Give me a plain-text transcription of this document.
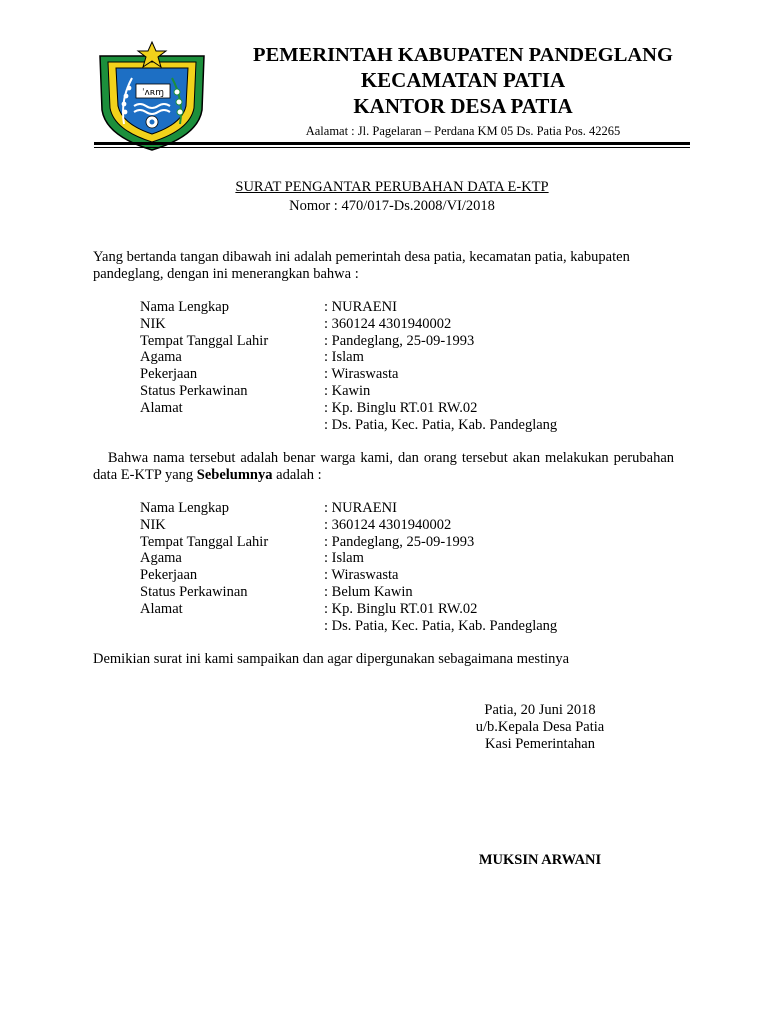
ˈʌʀɱ
PEMERINTAH KABUPATEN PANDEGLANG
KECAMATAN PATIA
KANTOR DESA PATIA
Aalamat : Jl. Pagelaran – Perdana KM 05 Ds. Patia Pos. 42265
SURAT PENGANTAR PERUBAHAN DATA E-KTP
Nomor : 470/017-Ds.2008/VI/2018
Yang bertanda tangan dibawah ini adalah pemerintah desa patia, kecamatan patia, kabupaten pandeglang, dengan ini menerangkan bahwa :
Nama Lengkap	: NURAENI
NIK	: 360124 4301940002
Tempat Tanggal Lahir	: Pandeglang, 25-09-1993
Agama	: Islam
Pekerjaan	: Wiraswasta
Status Perkawinan	: Kawin
Alamat	: Kp. Binglu RT.01 RW.02
: Ds. Patia, Kec. Patia, Kab. Pandeglang
Bahwa nama tersebut adalah benar warga kami, dan orang tersebut akan melakukan perubahan data E-KTP yang Sebelumnya adalah :
Nama Lengkap	: NURAENI
NIK	: 360124 4301940002
Tempat Tanggal Lahir	: Pandeglang, 25-09-1993
Agama	: Islam
Pekerjaan	: Wiraswasta
Status Perkawinan	: Belum Kawin
Alamat	: Kp. Binglu RT.01 RW.02
: Ds. Patia, Kec. Patia, Kab. Pandeglang
Demikian surat ini kami sampaikan dan agar dipergunakan sebagaimana mestinya
Patia, 20 Juni 2018
u/b.Kepala Desa Patia
Kasi Pemerintahan
MUKSIN ARWANI
